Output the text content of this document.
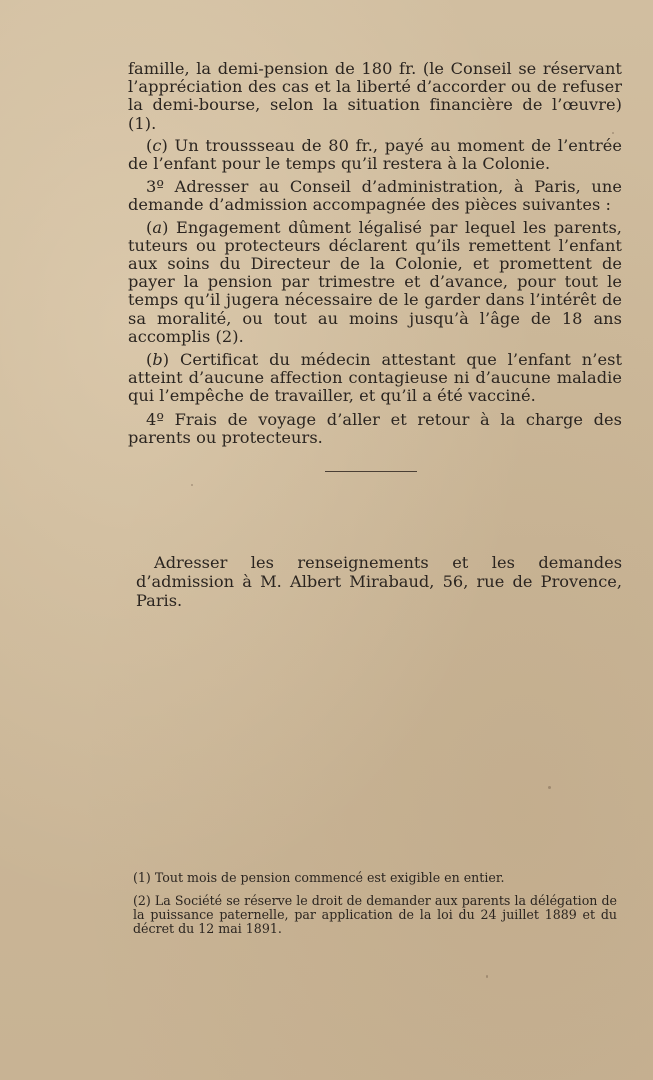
famille, la demi-pension de 180 fr. (le Conseil se réservant l’appréciation des cas et la liberté d’accorder ou de refuser la demi-bourse, selon la situation financière de l’œuvre) (1).

(c) Un troussseau de 80 fr., payé au moment de l’entrée de l’enfant pour le temps qu’il restera à la Colonie.

3º Adresser au Conseil d’administration, à Paris, une demande d’admission accompagnée des pièces suivantes :

(a) Engagement dûment légalisé par lequel les parents, tuteurs ou protecteurs déclarent qu’ils remettent l’enfant aux soins du Directeur de la Colonie, et promettent de payer la pension par trimestre et d’avance, pour tout le temps qu’il jugera nécessaire de le garder dans l’intérêt de sa moralité, ou tout au moins jusqu’à l’âge de 18 ans accomplis (2).

(b) Certificat du médecin attestant que l’enfant n’est atteint d’aucune affection contagieuse ni d’aucune maladie qui l’empêche de travailler, et qu’il a été vacciné.

4º Frais de voyage d’aller et retour à la charge des parents ou protecteurs.

Adresser les renseignements et les demandes d’admission à M. Albert Mirabaud, 56, rue de Provence, Paris.

(1) Tout mois de pension commencé est exigible en entier.

(2) La Société se réserve le droit de demander aux parents la délégation de la puissance paternelle, par application de la loi du 24 juillet 1889 et du décret du 12 mai 1891.
